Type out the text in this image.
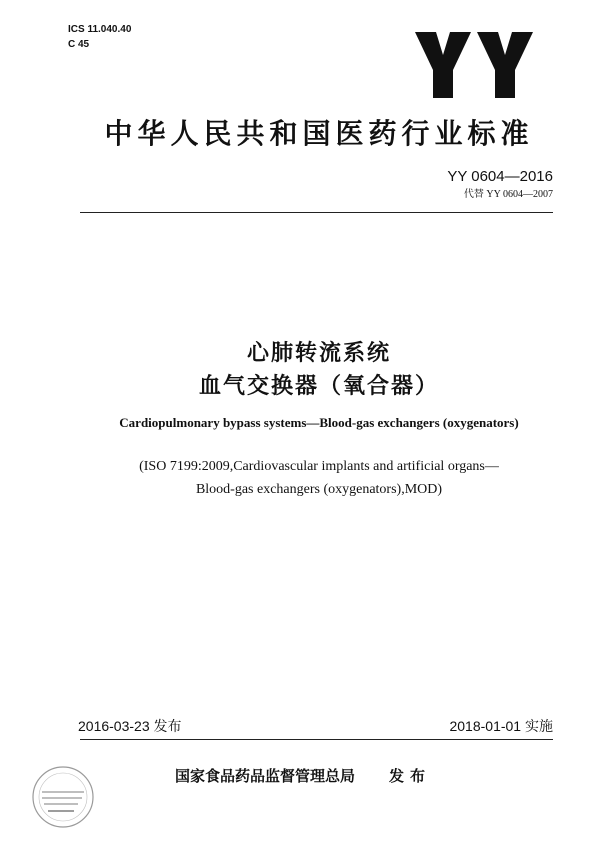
ICS 11.040.40
C 45
中华人民共和国医药行业标准
YY 0604—2016
代替 YY 0604—2007
心肺转流系统
血气交换器（氧合器）
Cardiopulmonary bypass systems—Blood-gas exchangers (oxygenators)
(ISO 7199:2009,Cardiovascular implants and artificial organs—
Blood-gas exchangers (oxygenators),MOD)
2016-03-23 发布	2018-01-01 实施
国家食品药品监督管理总局 发布
